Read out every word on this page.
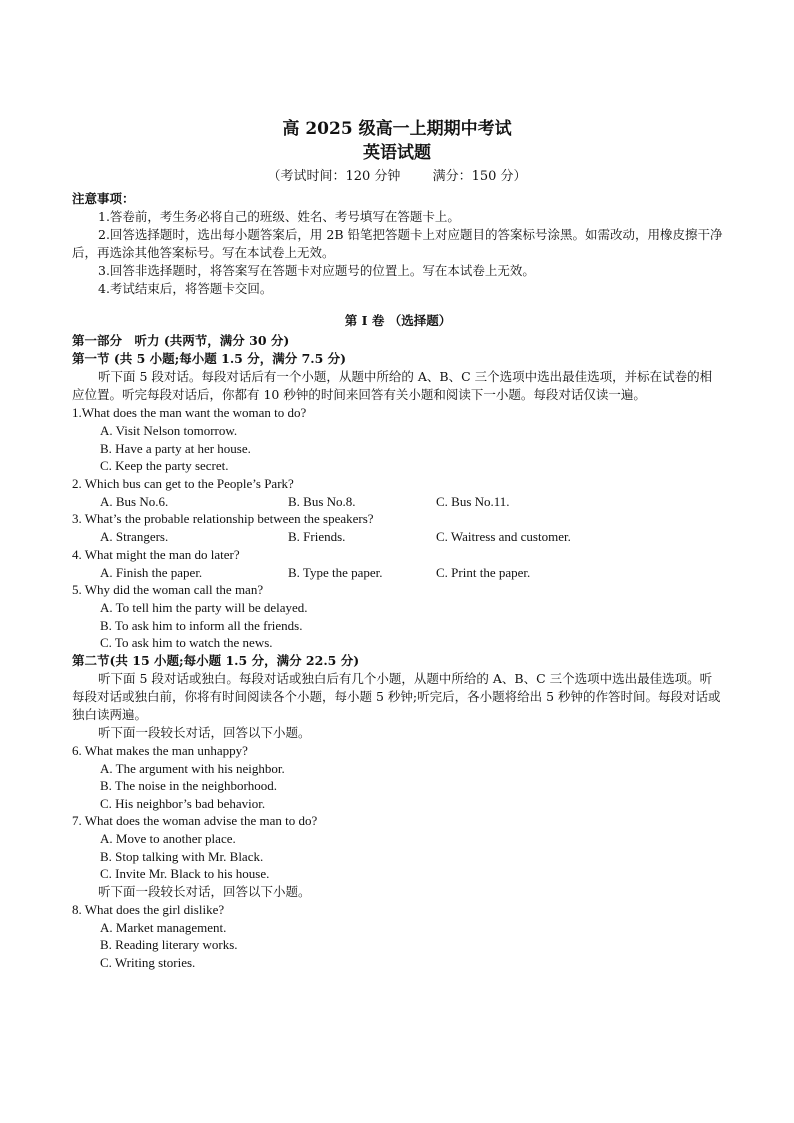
高 2025 级高一上期期中考试
英语试题
（考试时间：120 分钟 满分：150 分）
注意事项：
1.答卷前，考生务必将自己的班级、姓名、考号填写在答题卡上。
2.回答选择题时，选出每小题答案后，用 2B 铅笔把答题卡上对应题目的答案标号涂黑。如需改动，用橡皮擦干净后，再选涂其他答案标号。写在本试卷上无效。
3.回答非选择题时，将答案写在答题卡对应题号的位置上。写在本试卷上无效。
4.考试结束后，将答题卡交回。
第 I 卷 （选择题）
第一部分　听力 (共两节，满分 30 分)
第一节 (共 5 小题;每小题 1.5 分，满分 7.5 分)
听下面 5 段对话。每段对话后有一个小题，从题中所给的 A、B、C 三个选项中选出最佳选项，并标在试卷的相应位置。听完每段对话后，你都有 10 秒钟的时间来回答有关小题和阅读下一小题。每段对话仅读一遍。
1.What does the man want the woman to do?
A. Visit Nelson tomorrow.
B. Have a party at her house.
C. Keep the party secret.
2. Which bus can get to the People’s Park?
A. Bus No.6.	B. Bus No.8.	C. Bus No.11.
3. What’s the probable relationship between the speakers?
A. Strangers.	B. Friends.	C. Waitress and customer.
4. What might the man do later?
A. Finish the paper.	B. Type the paper.	C. Print the paper.
5. Why did the woman call the man?
A. To tell him the party will be delayed.
B. To ask him to inform all the friends.
C. To ask him to watch the news.
第二节(共 15 小题;每小题 1.5 分，满分 22.5 分)
听下面 5 段对话或独白。每段对话或独白后有几个小题，从题中所给的 A、B、C 三个选项中选出最佳选项。听每段对话或独白前，你将有时间阅读各个小题，每小题 5 秒钟;听完后，各小题将给出 5 秒钟的作答时间。每段对话或独白读两遍。
听下面一段较长对话，回答以下小题。
6. What makes the man unhappy?
A. The argument with his neighbor.
B. The noise in the neighborhood.
C. His neighbor’s bad behavior.
7. What does the woman advise the man to do?
A. Move to another place.
B. Stop talking with Mr. Black.
C. Invite Mr. Black to his house.
听下面一段较长对话，回答以下小题。
8. What does the girl dislike?
A. Market management.
B. Reading literary works.
C. Writing stories.
